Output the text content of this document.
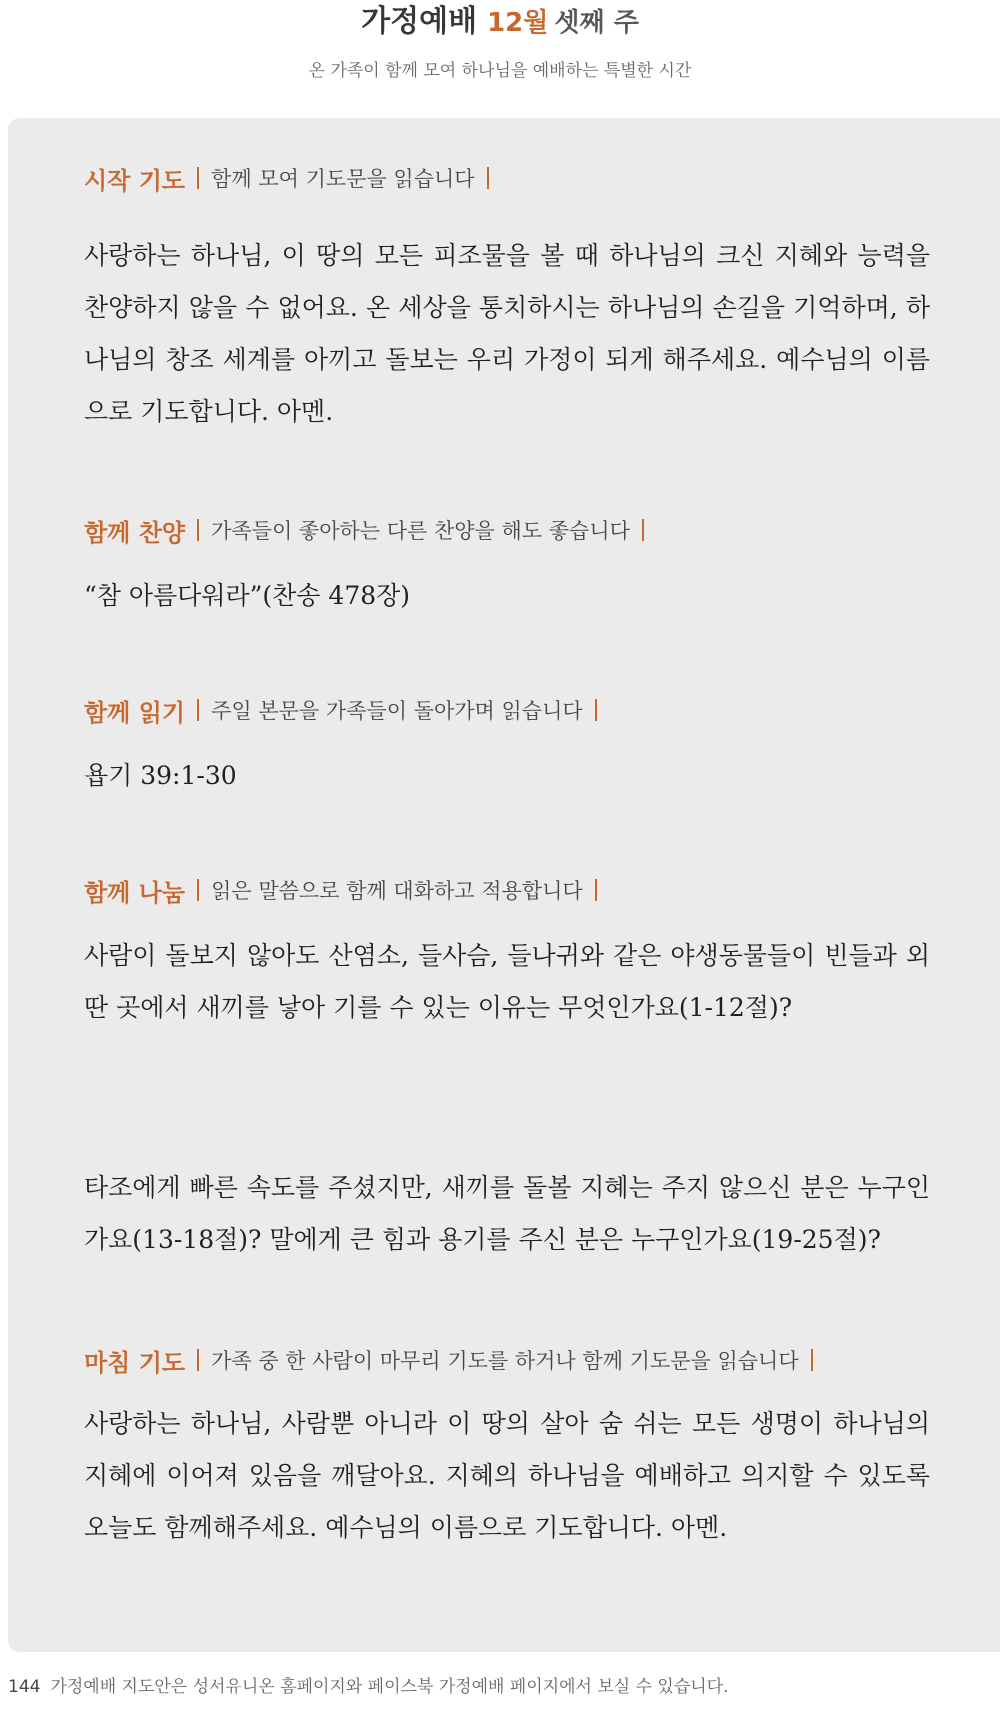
가정예배 12월 셋째 주
온 가족이 함께 모여 하나님을 예배하는 특별한 시간
시작 기도 함께 모여 기도문을 읽습니다
사랑하는 하나님, 이 땅의 모든 피조물을 볼 때 하나님의 크신 지혜와 능력을 찬양하지 않을 수 없어요. 온 세상을 통치하시는 하나님의 손길을 기억하며, 하나님의 창조 세계를 아끼고 돌보는 우리 가정이 되게 해주세요. 예수님의 이름으로 기도합니다. 아멘.
함께 찬양 가족들이 좋아하는 다른 찬양을 해도 좋습니다
“참 아름다워라”(찬송 478장)
함께 읽기 주일 본문을 가족들이 돌아가며 읽습니다
욥기 39:1-30
함께 나눔 읽은 말씀으로 함께 대화하고 적용합니다
사람이 돌보지 않아도 산염소, 들사슴, 들나귀와 같은 야생동물들이 빈들과 외딴 곳에서 새끼를 낳아 기를 수 있는 이유는 무엇인가요(1-12절)?
타조에게 빠른 속도를 주셨지만, 새끼를 돌볼 지혜는 주지 않으신 분은 누구인가요(13-18절)? 말에게 큰 힘과 용기를 주신 분은 누구인가요(19-25절)?
마침 기도 가족 중 한 사람이 마무리 기도를 하거나 함께 기도문을 읽습니다
사랑하는 하나님, 사람뿐 아니라 이 땅의 살아 숨 쉬는 모든 생명이 하나님의 지혜에 이어져 있음을 깨달아요. 지혜의 하나님을 예배하고 의지할 수 있도록 오늘도 함께해주세요. 예수님의 이름으로 기도합니다. 아멘.
144 가정예배 지도안은 성서유니온 홈페이지와 페이스북 가정예배 페이지에서 보실 수 있습니다.
